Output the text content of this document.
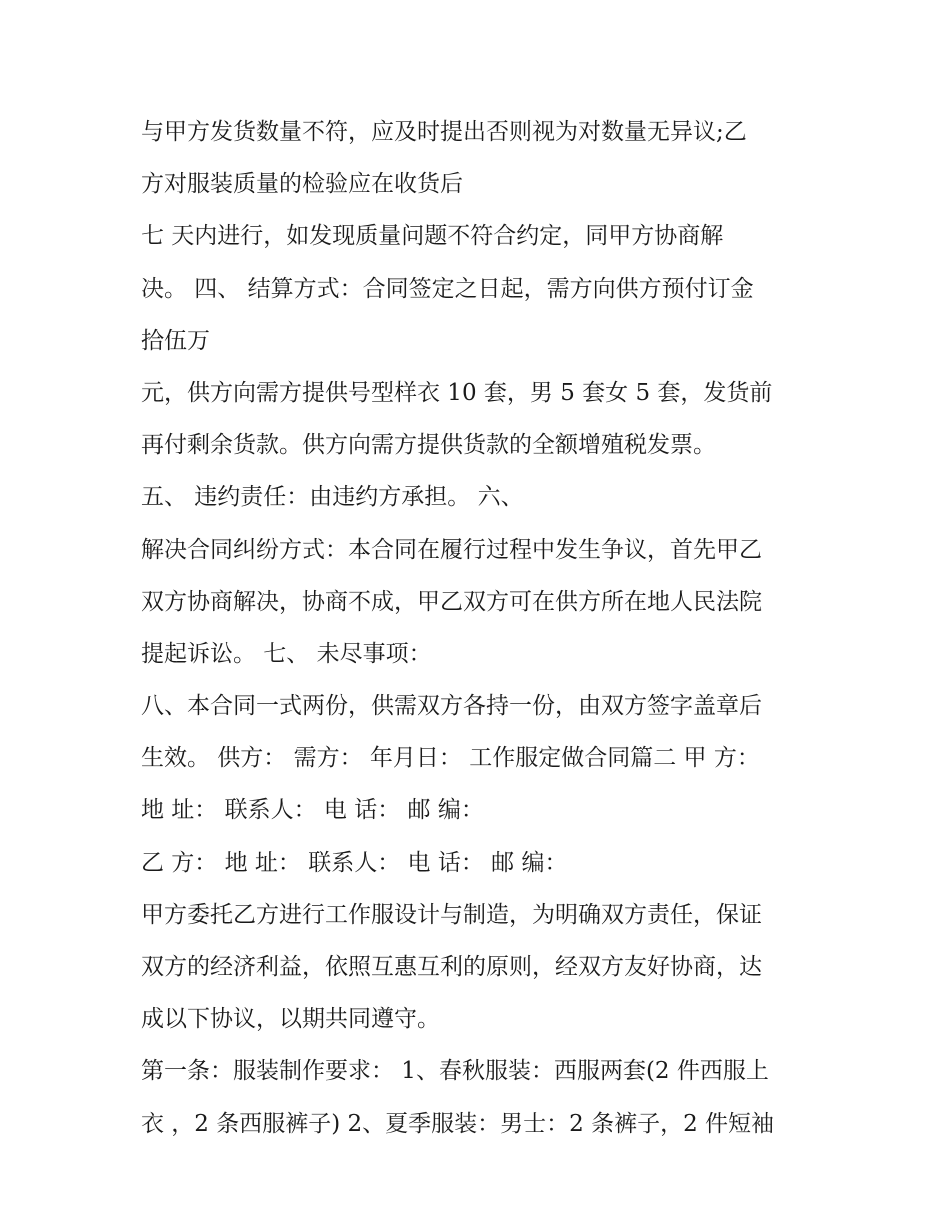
与甲方发货数量不符，应及时提出否则视为对数量无异议;乙
方对服装质量的检验应在收货后
七 天内进行，如发现质量问题不符合约定，同甲方协商解
决。 四、 结算方式：合同签定之日起，需方向供方预付订金
拾伍万
元，供方向需方提供号型样衣 10 套，男 5 套女 5 套，发货前
再付剩余货款。供方向需方提供货款的全额增殖税发票。
五、 违约责任：由违约方承担。 六、
解决合同纠纷方式：本合同在履行过程中发生争议，首先甲乙
双方协商解决，协商不成，甲乙双方可在供方所在地人民法院
提起诉讼。 七、 未尽事项：
八、本合同一式两份，供需双方各持一份，由双方签字盖章后
生效。 供方： 需方： 年月日： 工作服定做合同篇二 甲 方：
地 址： 联系人： 电 话： 邮 编：
乙 方： 地 址： 联系人： 电 话： 邮 编：
甲方委托乙方进行工作服设计与制造，为明确双方责任，保证
双方的经济利益，依照互惠互利的原则，经双方友好协商，达
成以下协议，以期共同遵守。
第一条：服装制作要求： 1、春秋服装：西服两套(2 件西服上
衣 ，2 条西服裤子) 2、夏季服装：男士：2 条裤子，2 件短袖
